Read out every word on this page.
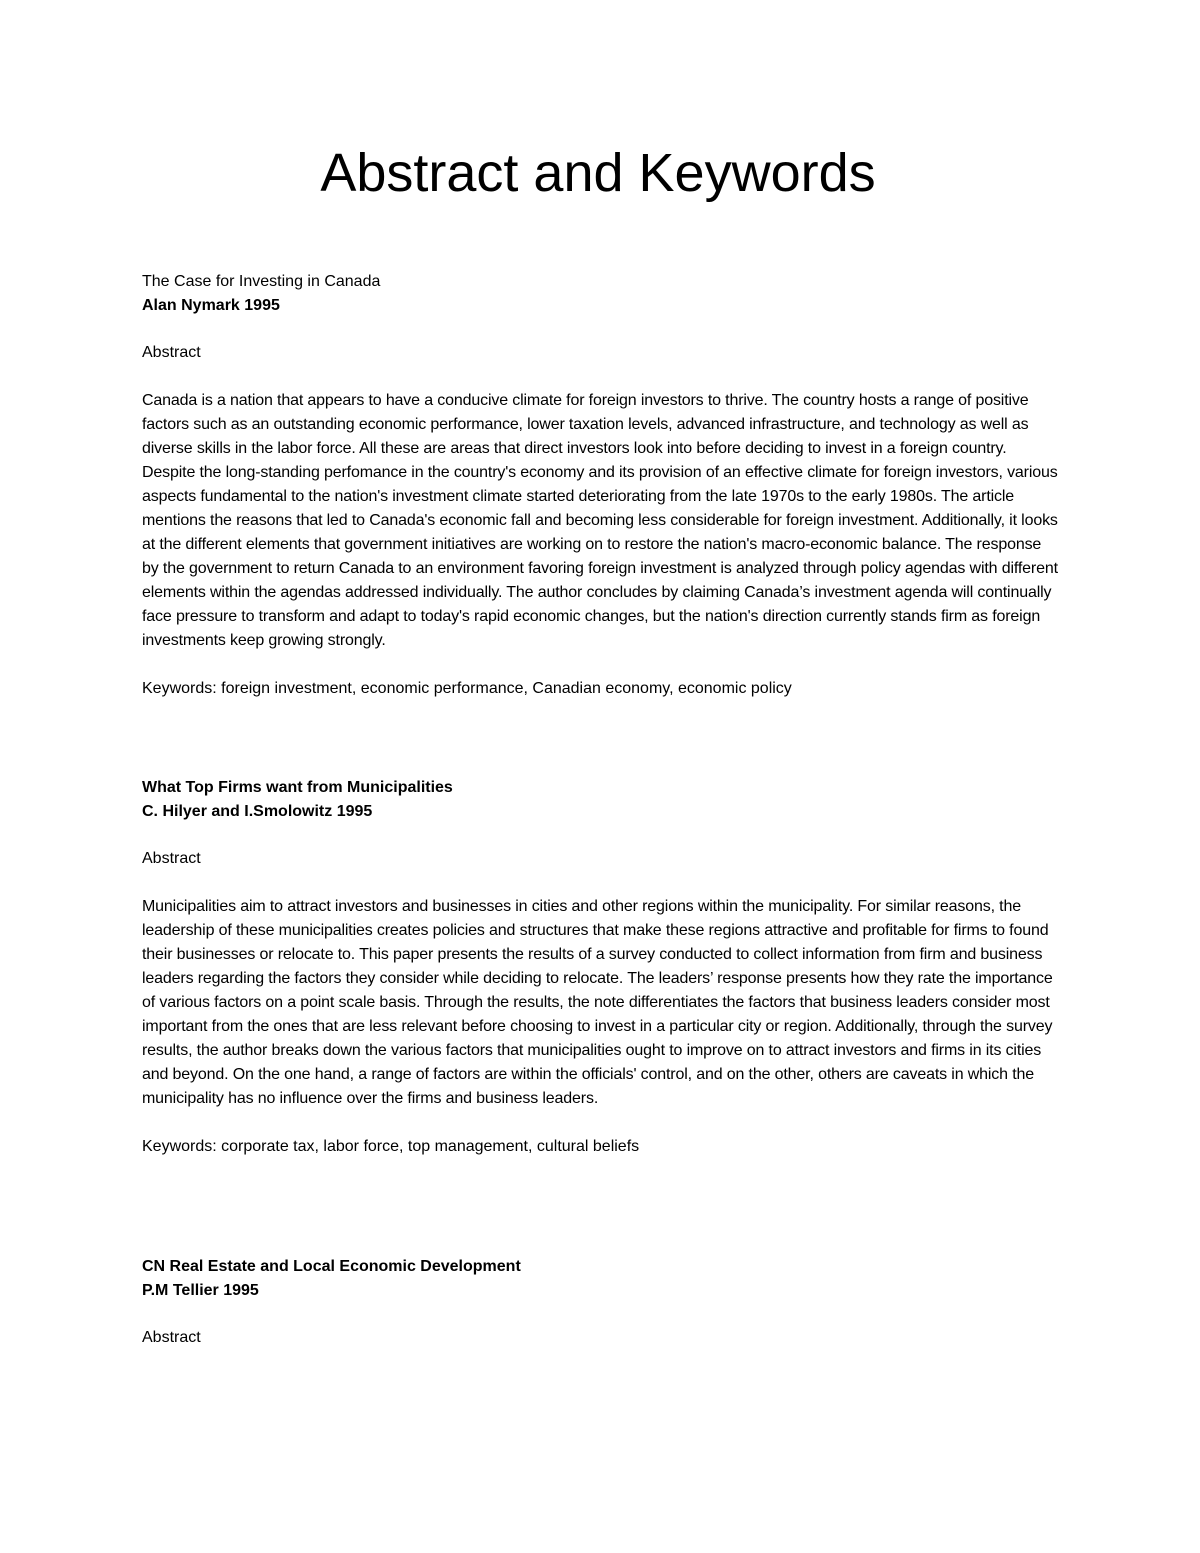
Abstract and Keywords

The Case for Investing in Canada

Alan Nymark 1995

Abstract

Canada is a nation that appears to have a conducive climate for foreign investors to thrive. The country hosts a range of positive factors such as an outstanding economic performance, lower taxation levels, advanced infrastructure, and technology as well as diverse skills in the labor force. All these are areas that direct investors look into before deciding to invest in a foreign country. Despite the long-standing perfomance in the country's economy and its provision of an effective climate for foreign investors, various aspects fundamental to the nation's investment climate started deteriorating from the late 1970s to the early 1980s. The article mentions the reasons that led to Canada's economic fall and becoming less considerable for foreign investment. Additionally, it looks at the different elements that government initiatives are working on to restore the nation's macro-economic balance. The response by the government to return Canada to an environment favoring foreign investment is analyzed through policy agendas with different elements within the agendas addressed individually. The author concludes by claiming Canada’s investment agenda will continually face pressure to transform and adapt to today's rapid economic changes, but the nation's direction currently stands firm as foreign investments keep growing strongly.

Keywords: foreign investment, economic performance, Canadian economy, economic policy

What Top Firms want from Municipalities

C. Hilyer and I.Smolowitz 1995

Abstract

Municipalities aim to attract investors and businesses in cities and other regions within the municipality. For similar reasons, the leadership of these municipalities creates policies and structures that make these regions attractive and profitable for firms to found their businesses or relocate to. This paper presents the results of a survey conducted to collect information from firm and business leaders regarding the factors they consider while deciding to relocate. The leaders’ response presents how they rate the importance of various factors on a point scale basis. Through the results, the note differentiates the factors that business leaders consider most important from the ones that are less relevant before choosing to invest in a particular city or region. Additionally, through the survey results, the author breaks down the various factors that municipalities ought to improve on to attract investors and firms in its cities and beyond. On the one hand, a range of factors are within the officials' control, and on the other, others are caveats in which the municipality has no influence over the firms and business leaders.

Keywords: corporate tax, labor force, top management, cultural beliefs

CN Real Estate and Local Economic Development

P.M Tellier 1995

Abstract
